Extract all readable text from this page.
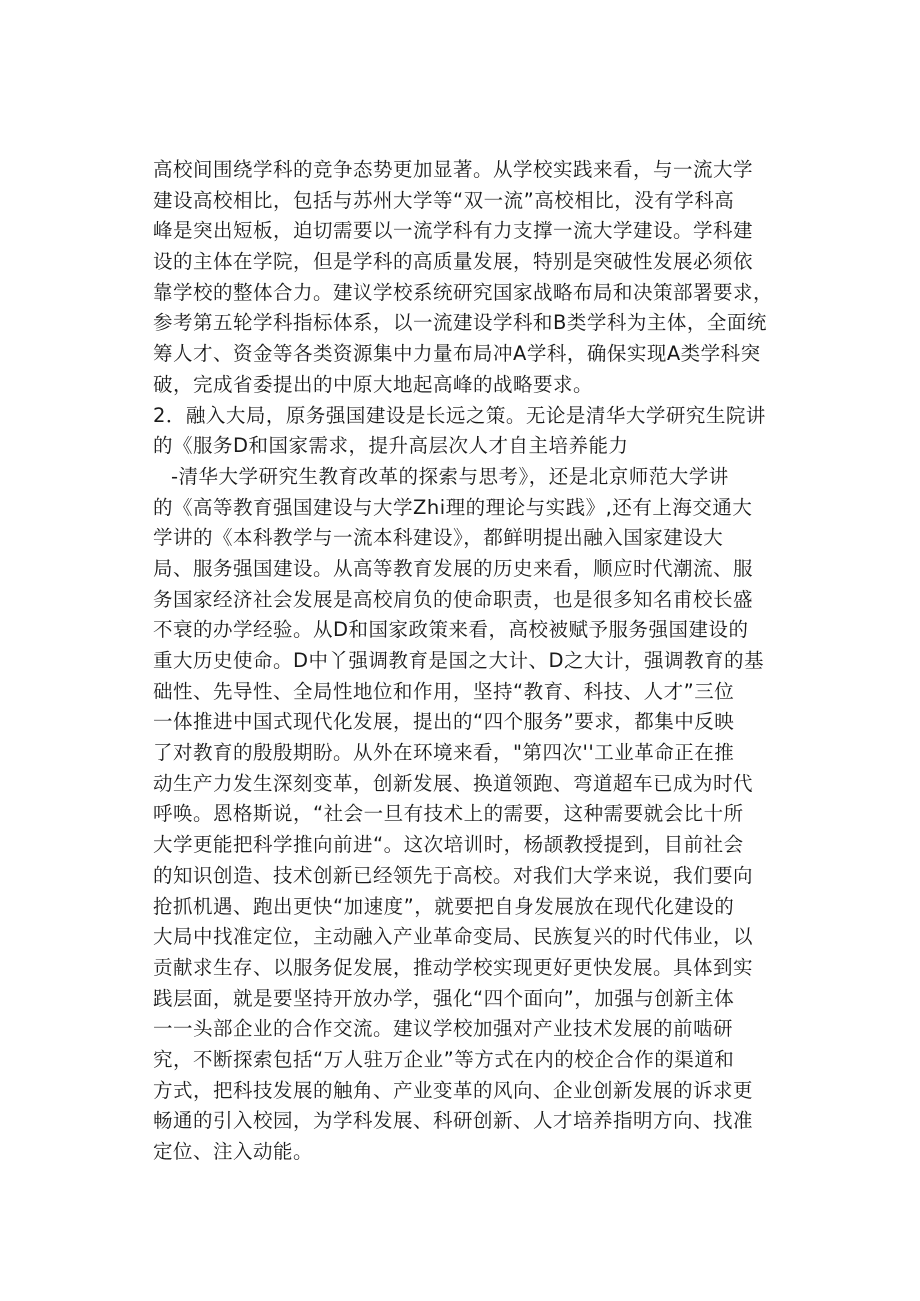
高校间围绕学科的竞争态势更加显著。从学校实践来看，与一流大学
建设高校相比，包括与苏州大学等“双一流”高校相比，没有学科高
峰是突出短板，迫切需要以一流学科有力支撑一流大学建设。学科建
设的主体在学院，但是学科的高质量发展，特别是突破性发展必须依
靠学校的整体合力。建议学校系统研究国家战略布局和决策部署要求，
参考第五轮学科指标体系，以一流建设学科和B类学科为主体，全面统
筹人才、资金等各类资源集中力量布局冲A学科，确保实现A类学科突
破，完成省委提出的中原大地起高峰的战略要求。
2．融入大局，原务强国建设是长远之策。无论是清华大学研究生院讲
的《服务D和国家需求，提升高层次人才自主培养能力
-清华大学研究生教育改革的探索与思考》，还是北京师范大学讲
的《高等教育强国建设与大学Zhi理的理论与实践》,还有上海交通大
学讲的《本科教学与一流本科建设》，都鲜明提出融入国家建设大
局、服务强国建设。从高等教育发展的历史来看，顺应时代潮流、服
务国家经济社会发展是高校肩负的使命职责，也是很多知名甫校长盛
不衰的办学经验。从D和国家政策来看，高校被赋予服务强国建设的
重大历史使命。D中丫强调教育是国之大计、D之大计，强调教育的基
础性、先导性、全局性地位和作用，坚持“教育、科技、人才”三位
一体推进中国式现代化发展，提出的“四个服务”要求，都集中反映
了对教育的殷殷期盼。从外在环境来看，"第四次''工业革命正在推
动生产力发生深刻变革，创新发展、换道领跑、弯道超车已成为时代
呼唤。恩格斯说，“社会一旦有技术上的需要，这种需要就会比十所
大学更能把科学推向前进“。这次培训时，杨颉教授提到，目前社会
的知识创造、技术创新已经领先于高校。对我们大学来说，我们要向
抢抓机遇、跑出更快“加速度”，就要把自身发展放在现代化建设的
大局中找准定位，主动融入产业革命变局、民族复兴的时代伟业，以
贡献求生存、以服务促发展，推动学校实现更好更快发展。具体到实
践层面，就是要坚持开放办学，强化“四个面向”，加强与创新主体
一一头部企业的合作交流。建议学校加强对产业技术发展的前啮研
究，不断探索包括“万人驻万企业”等方式在内的校企合作的渠道和
方式，把科技发展的触角、产业变革的风向、企业创新发展的诉求更
畅通的引入校园，为学科发展、科研创新、人才培养指明方向、找准
定位、注入动能。
